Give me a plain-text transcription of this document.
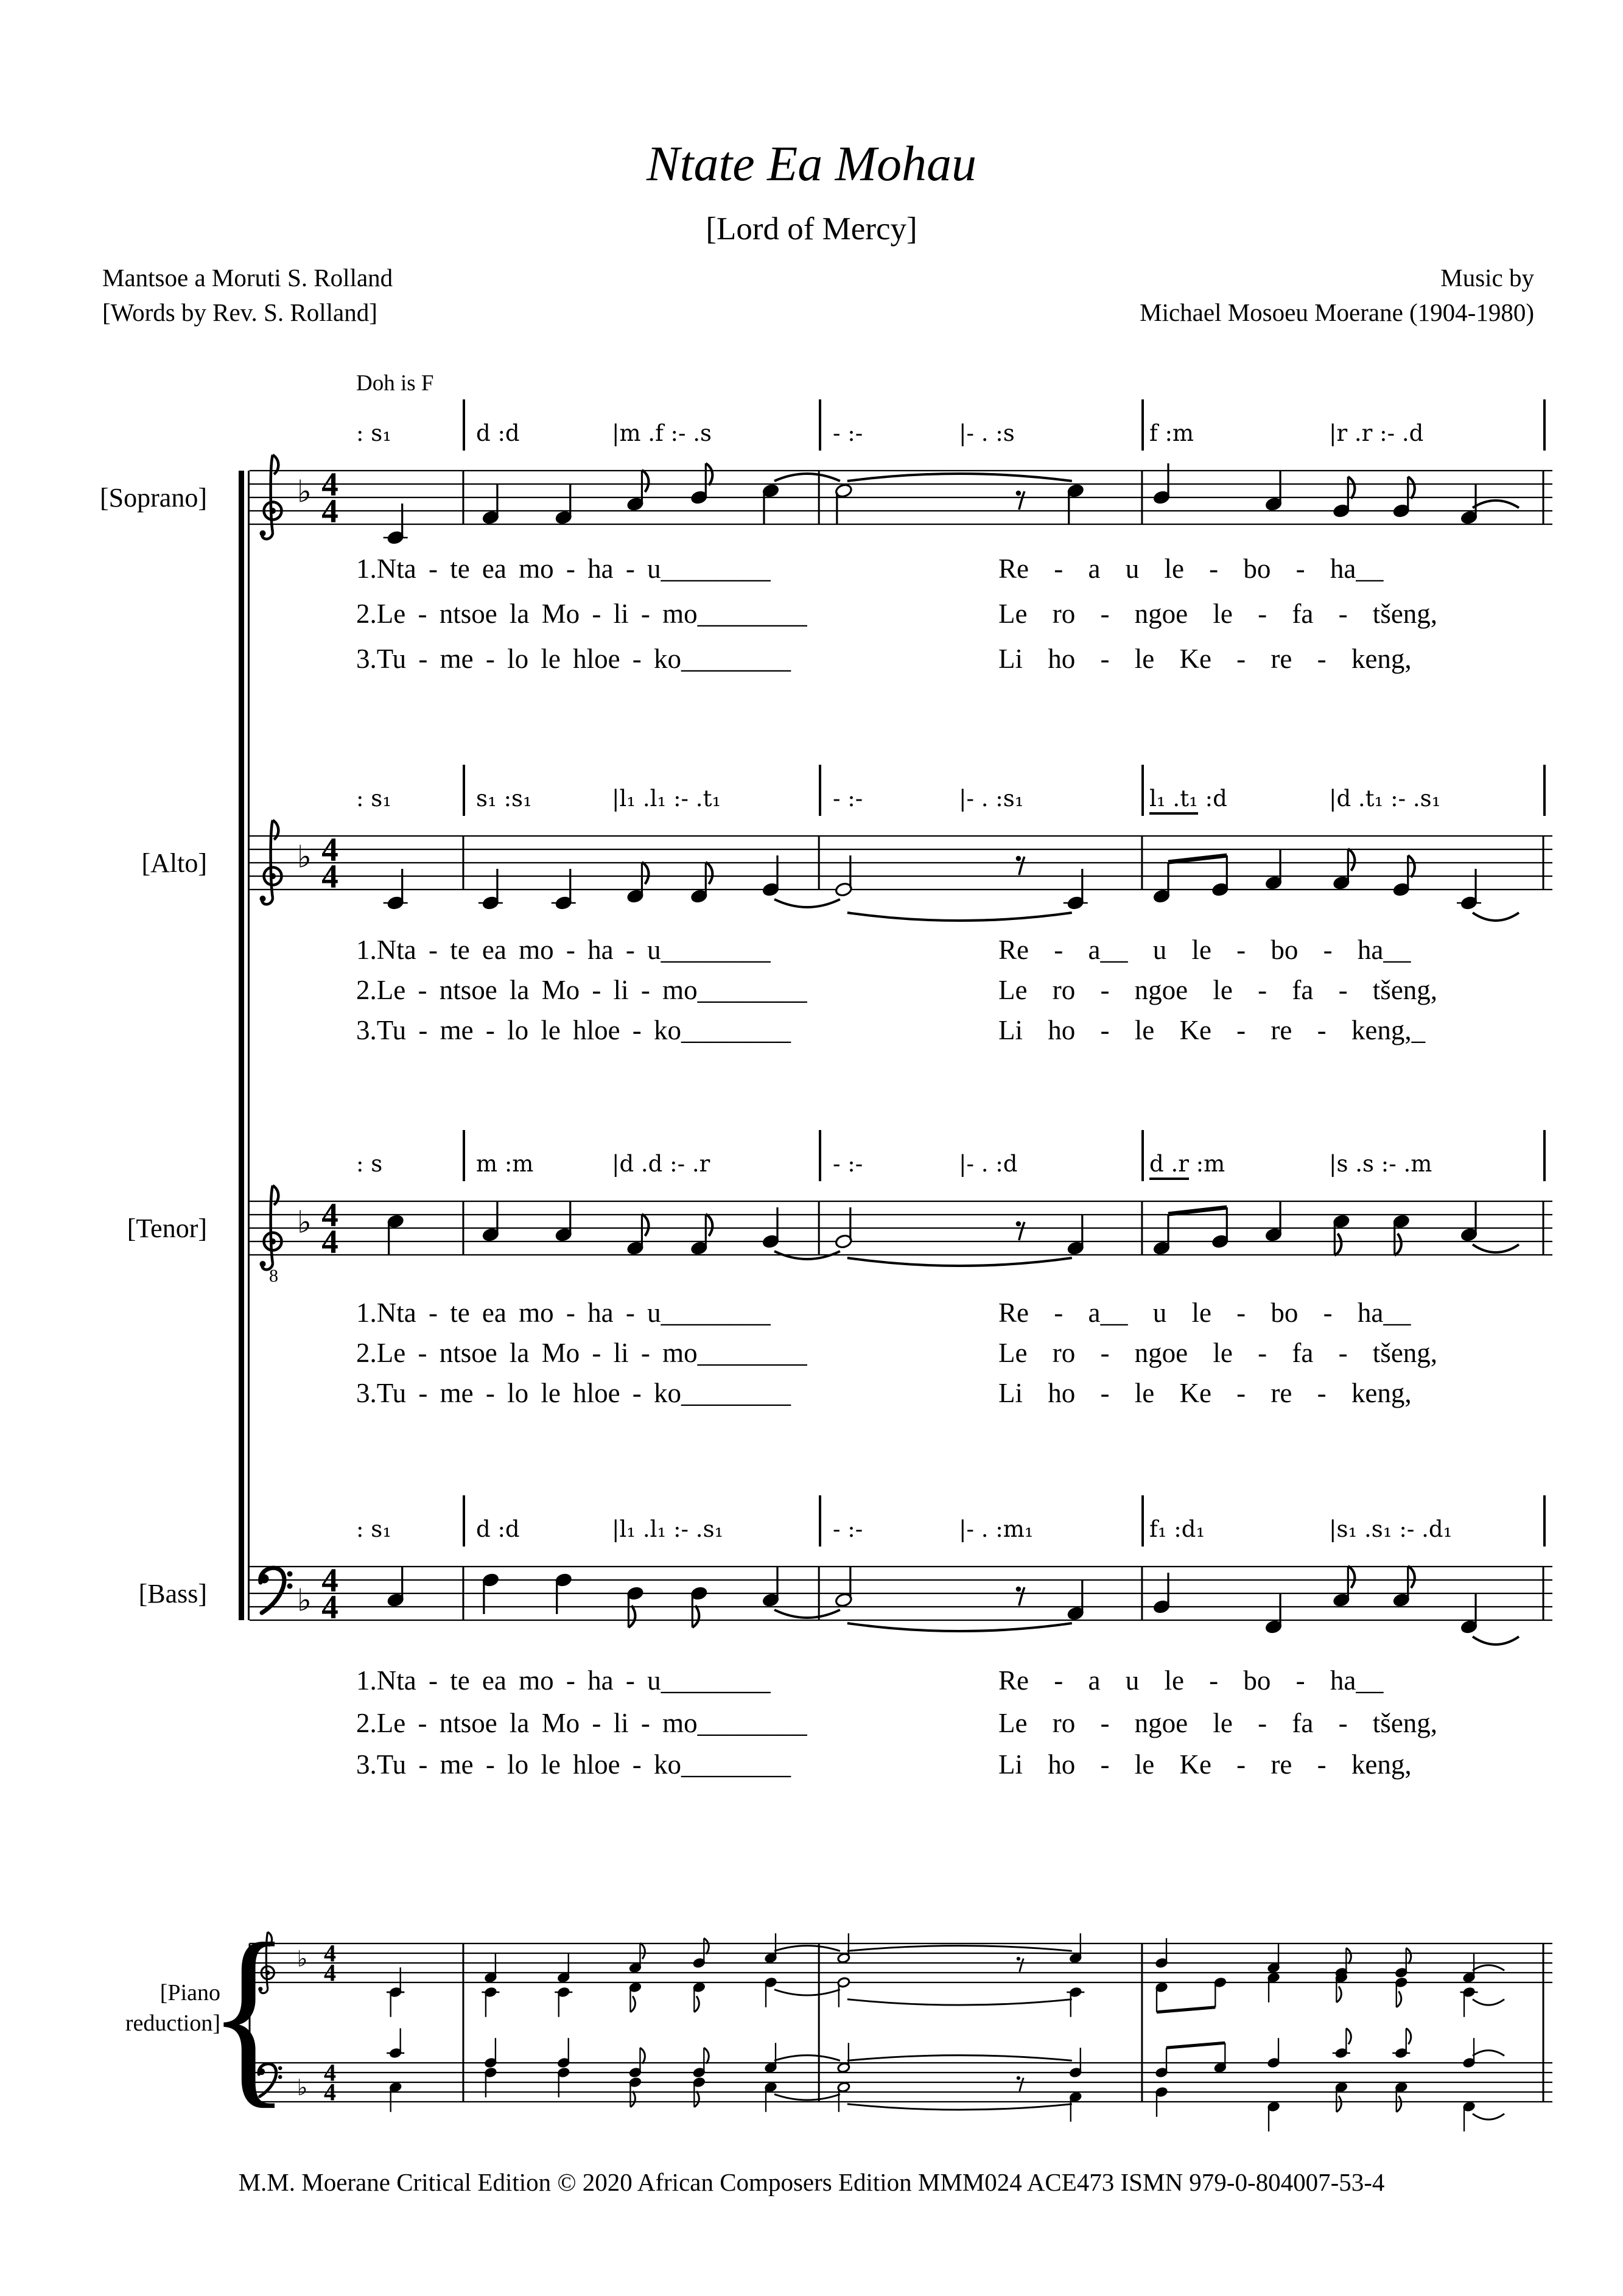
Ntate Ea Mohau
[Lord of Mercy]
Mantsoe a Moruti S. Rolland
[Words by Rev. S. Rolland]
Music by
Michael Mosoeu Moerane (1904-1980)
Doh is F
[Soprano]
[Alto]
[Tenor]
[Bass]
[Piano
reduction]
: s₁	d :d	|m .f :- .s	- :-	|- . :s	f :m	|r .r :- .d
♭ 4
4
1.Nta - te ea mo - ha - u________	Re - a u le - bo - ha__
2.Le - ntsoe la Mo - li - mo________	Le ro - ngoe le - fa - tšeng,
3.Tu - me - lo le hloe - ko________	Li ho - le Ke - re - keng,
: s₁	s₁ :s₁	|l₁ .l₁ :- .t₁	- :-	|- . :s₁	l₁ .t₁ :d	|d .t₁ :- .s₁
♭ 4
4
1.Nta - te ea mo - ha - u________	Re - a__ u le - bo - ha__
2.Le - ntsoe la Mo - li - mo________	Le ro - ngoe le - fa - tšeng,
3.Tu - me - lo le hloe - ko________	Li ho - le Ke - re - keng,_
: s	m :m	|d .d :- .r	- :-	|- . :d	d .r :m	|s .s :- .m
8
♭ 4
4
1.Nta - te ea mo - ha - u________	Re - a__ u le - bo - ha__
2.Le - ntsoe la Mo - li - mo________	Le ro - ngoe le - fa - tšeng,
3.Tu - me - lo le hloe - ko________	Li ho - le Ke - re - keng,
: s₁	d :d	|l₁ .l₁ :- .s₁	- :-	|- . :m₁	f₁ :d₁	|s₁ .s₁ :- .d₁
♭
4
4
1.Nta - te ea mo - ha - u________	Re - a u le - bo - ha__
2.Le - ntsoe la Mo - li - mo________	Le ro - ngoe le - fa - tšeng,
3.Tu - me - lo le hloe - ko________	Li ho - le Ke - re - keng,
♭ 4
4
♭
4
4
{
M.M. Moerane Critical Edition © 2020 African Composers Edition MMM024 ACE473 ISMN 979-0-804007-53-4
